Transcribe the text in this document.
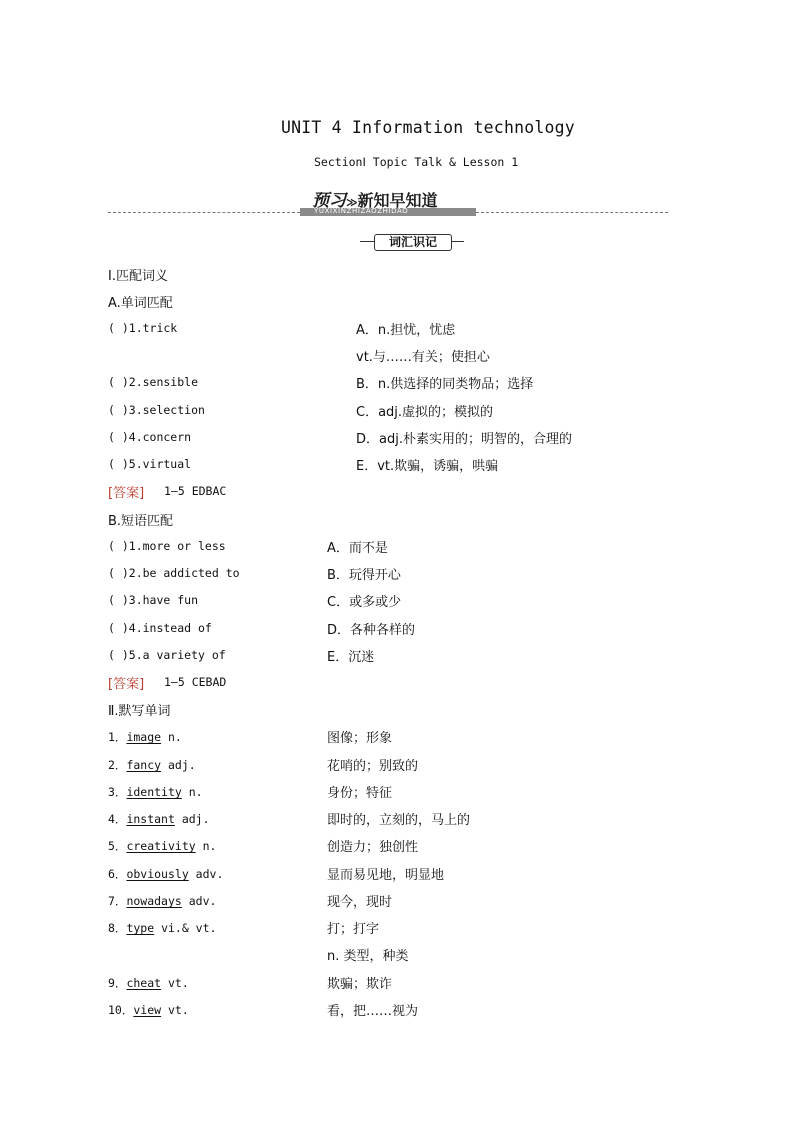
UNIT 4 Information technology
SectionⅠ Topic Talk & Lesson 1
预习≫新知早知道
YUXIXINZHIZAOZHIDAO
词汇识记
Ⅰ.匹配词义
A.单词匹配
( )1.trick	A．n.担忧，忧虑
vt.与……有关；使担心
( )2.sensible	B．n.供选择的同类物品；选择
( )3.selection	C．adj.虚拟的；模拟的
( )4.concern	D．adj.朴素实用的；明智的，合理的
( )5.virtual	E．vt.欺骗，诱骗，哄骗
[答案] 1—5 EDBAC
B.短语匹配
( )1.more or less	A．而不是
( )2.be addicted to	B．玩得开心
( )3.have fun	C．或多或少
( )4.instead of	D．各种各样的
( )5.a variety of	E．沉迷
[答案] 1—5 CEBAD
Ⅱ.默写单词
1．image n.	图像；形象
2．fancy adj.	花哨的；别致的
3．identity n.	身份；特征
4．instant adj.	即时的，立刻的，马上的
5．creativity n.	创造力；独创性
6．obviously adv.	显而易见地，明显地
7．nowadays adv.	现今，现时
8．type vi.& vt.	打；打字
n. 类型，种类
9．cheat vt.	欺骗；欺诈
10．view vt.	看，把……视为
